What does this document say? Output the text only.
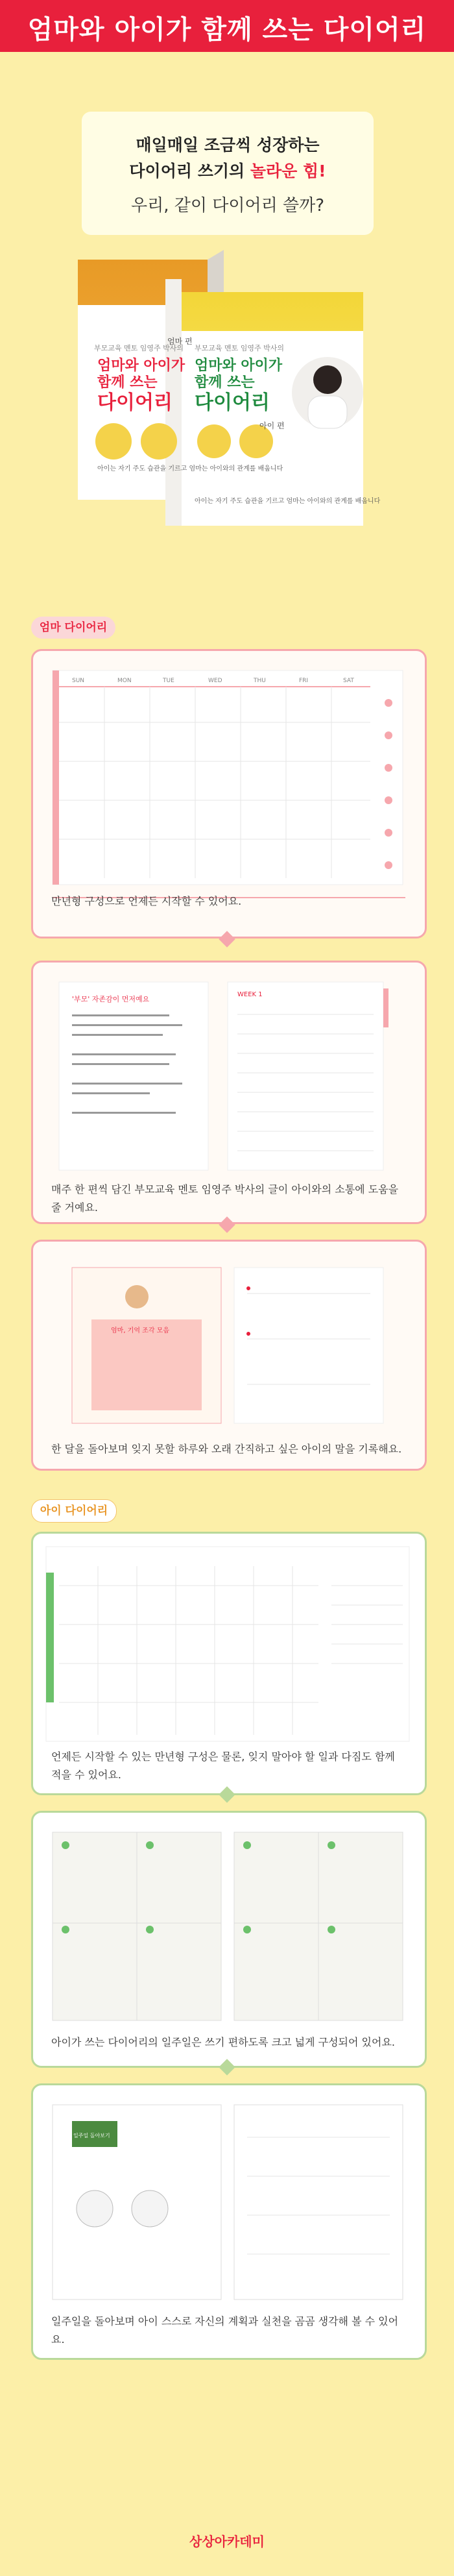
엄마와 아이가 함께 쓰는 다이어리
매일매일 조금씩 성장하는
다이어리 쓰기의 놀라운 힘!
우리, 같이 다이어리 쓸까?
부모교육 멘토 임영주 박사의
엄마와 아이가
함께 쓰는
다이어리
부모교육 멘토 임영주 박사의
엄마와 아이가
함께 쓰는
다이어리
엄마 편
아이 편
아이는 자기 주도 습관을 기르고 엄마는 아이와의 관계를 배웁니다
아이는 자기 주도 습관을 기르고 엄마는 아이와의 관계를 배웁니다
엄마 다이어리
SUN	MON	TUE	WED	THU	FRI	SAT
만년형 구성으로 언제든 시작할 수 있어요.
'부모' 자존감이 먼저예요
WEEK 1
매주 한 편씩 담긴 부모교육 멘토 임영주 박사의 글이 아이와의 소통에 도움을 줄 거예요.
엄마, 기억 조각 모음
한 달을 돌아보며 잊지 못할 하루와 오래 간직하고 싶은 아이의 말을 기록해요.
아이 다이어리
언제든 시작할 수 있는 만년형 구성은 물론, 잊지 말아야 할 일과 다짐도 함께 적을 수 있어요.
아이가 쓰는 다이어리의 일주일은 쓰기 편하도록 크고 넓게 구성되어 있어요.
일주일 돌아보기
일주일을 돌아보며 아이 스스로 자신의 계획과 실천을 곰곰 생각해 볼 수 있어요.
상상아카데미
